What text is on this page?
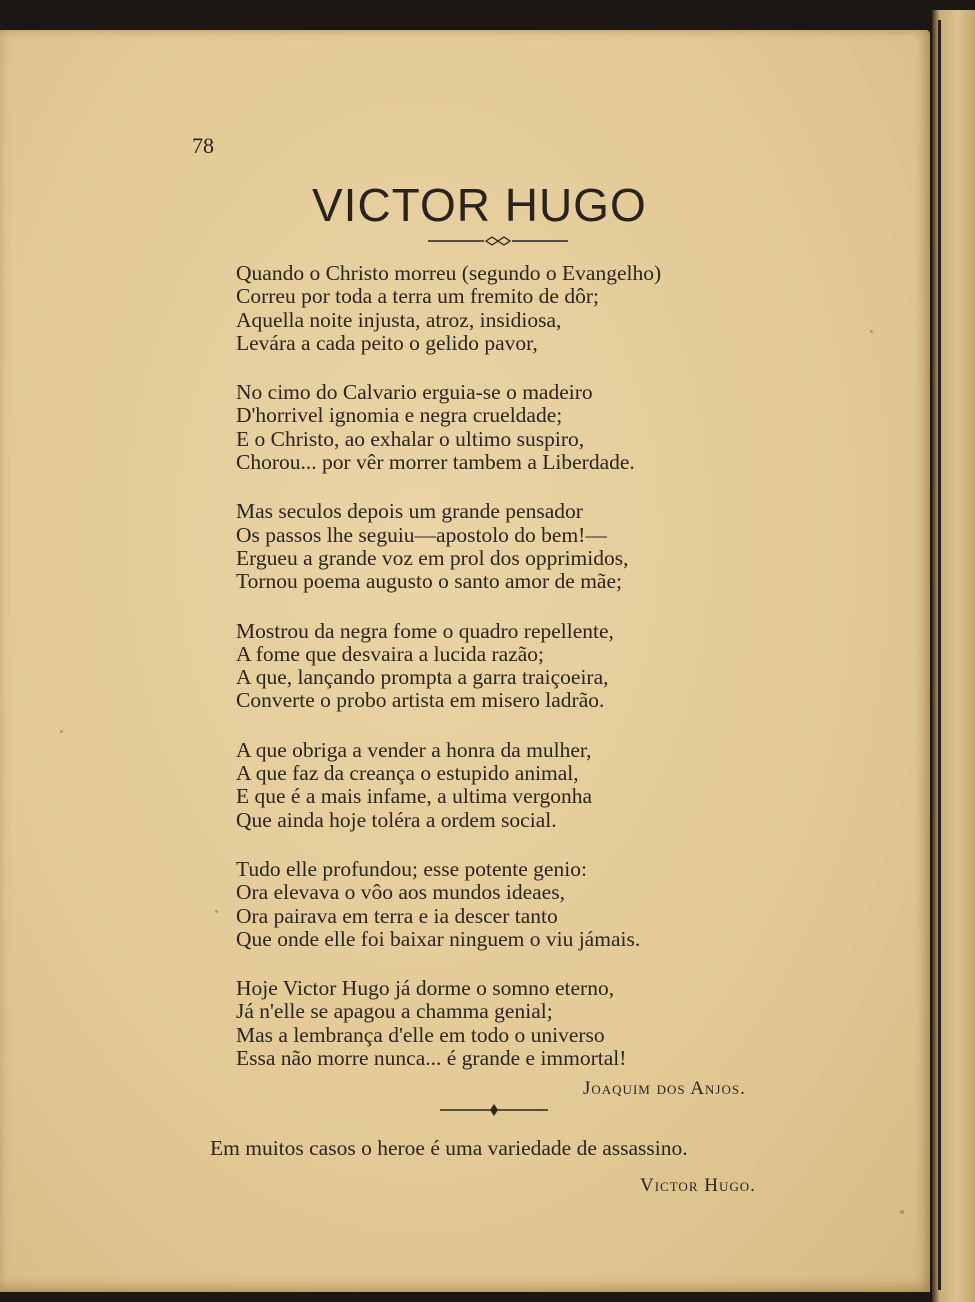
78
VICTOR HUGO
Quando o Christo morreu (segundo o Evangelho)
Correu por toda a terra um fremito de dôr;
Aquella noite injusta, atroz, insidiosa,
Levára a cada peito o gelido pavor,
No cimo do Calvario erguia-se o madeiro
D'horrivel ignomia e negra crueldade;
E o Christo, ao exhalar o ultimo suspiro,
Chorou... por vêr morrer tambem a Liberdade.
Mas seculos depois um grande pensador
Os passos lhe seguiu—apostolo do bem!—
Ergueu a grande voz em prol dos opprimidos,
Tornou poema augusto o santo amor de mãe;
Mostrou da negra fome o quadro repellente,
A fome que desvaira a lucida razão;
A que, lançando prompta a garra traiçoeira,
Converte o probo artista em misero ladrão.
A que obriga a vender a honra da mulher,
A que faz da creança o estupido animal,
E que é a mais infame, a ultima vergonha
Que ainda hoje toléra a ordem social.
Tudo elle profundou; esse potente genio:
Ora elevava o vôo aos mundos ideaes,
Ora pairava em terra e ia descer tanto
Que onde elle foi baixar ninguem o viu jámais.
Hoje Victor Hugo já dorme o somno eterno,
Já n'elle se apagou a chamma genial;
Mas a lembrança d'elle em todo o universo
Essa não morre nunca... é grande e immortal!
Joaquim dos Anjos.
Em muitos casos o heroe é uma variedade de assassino.
Victor Hugo.
